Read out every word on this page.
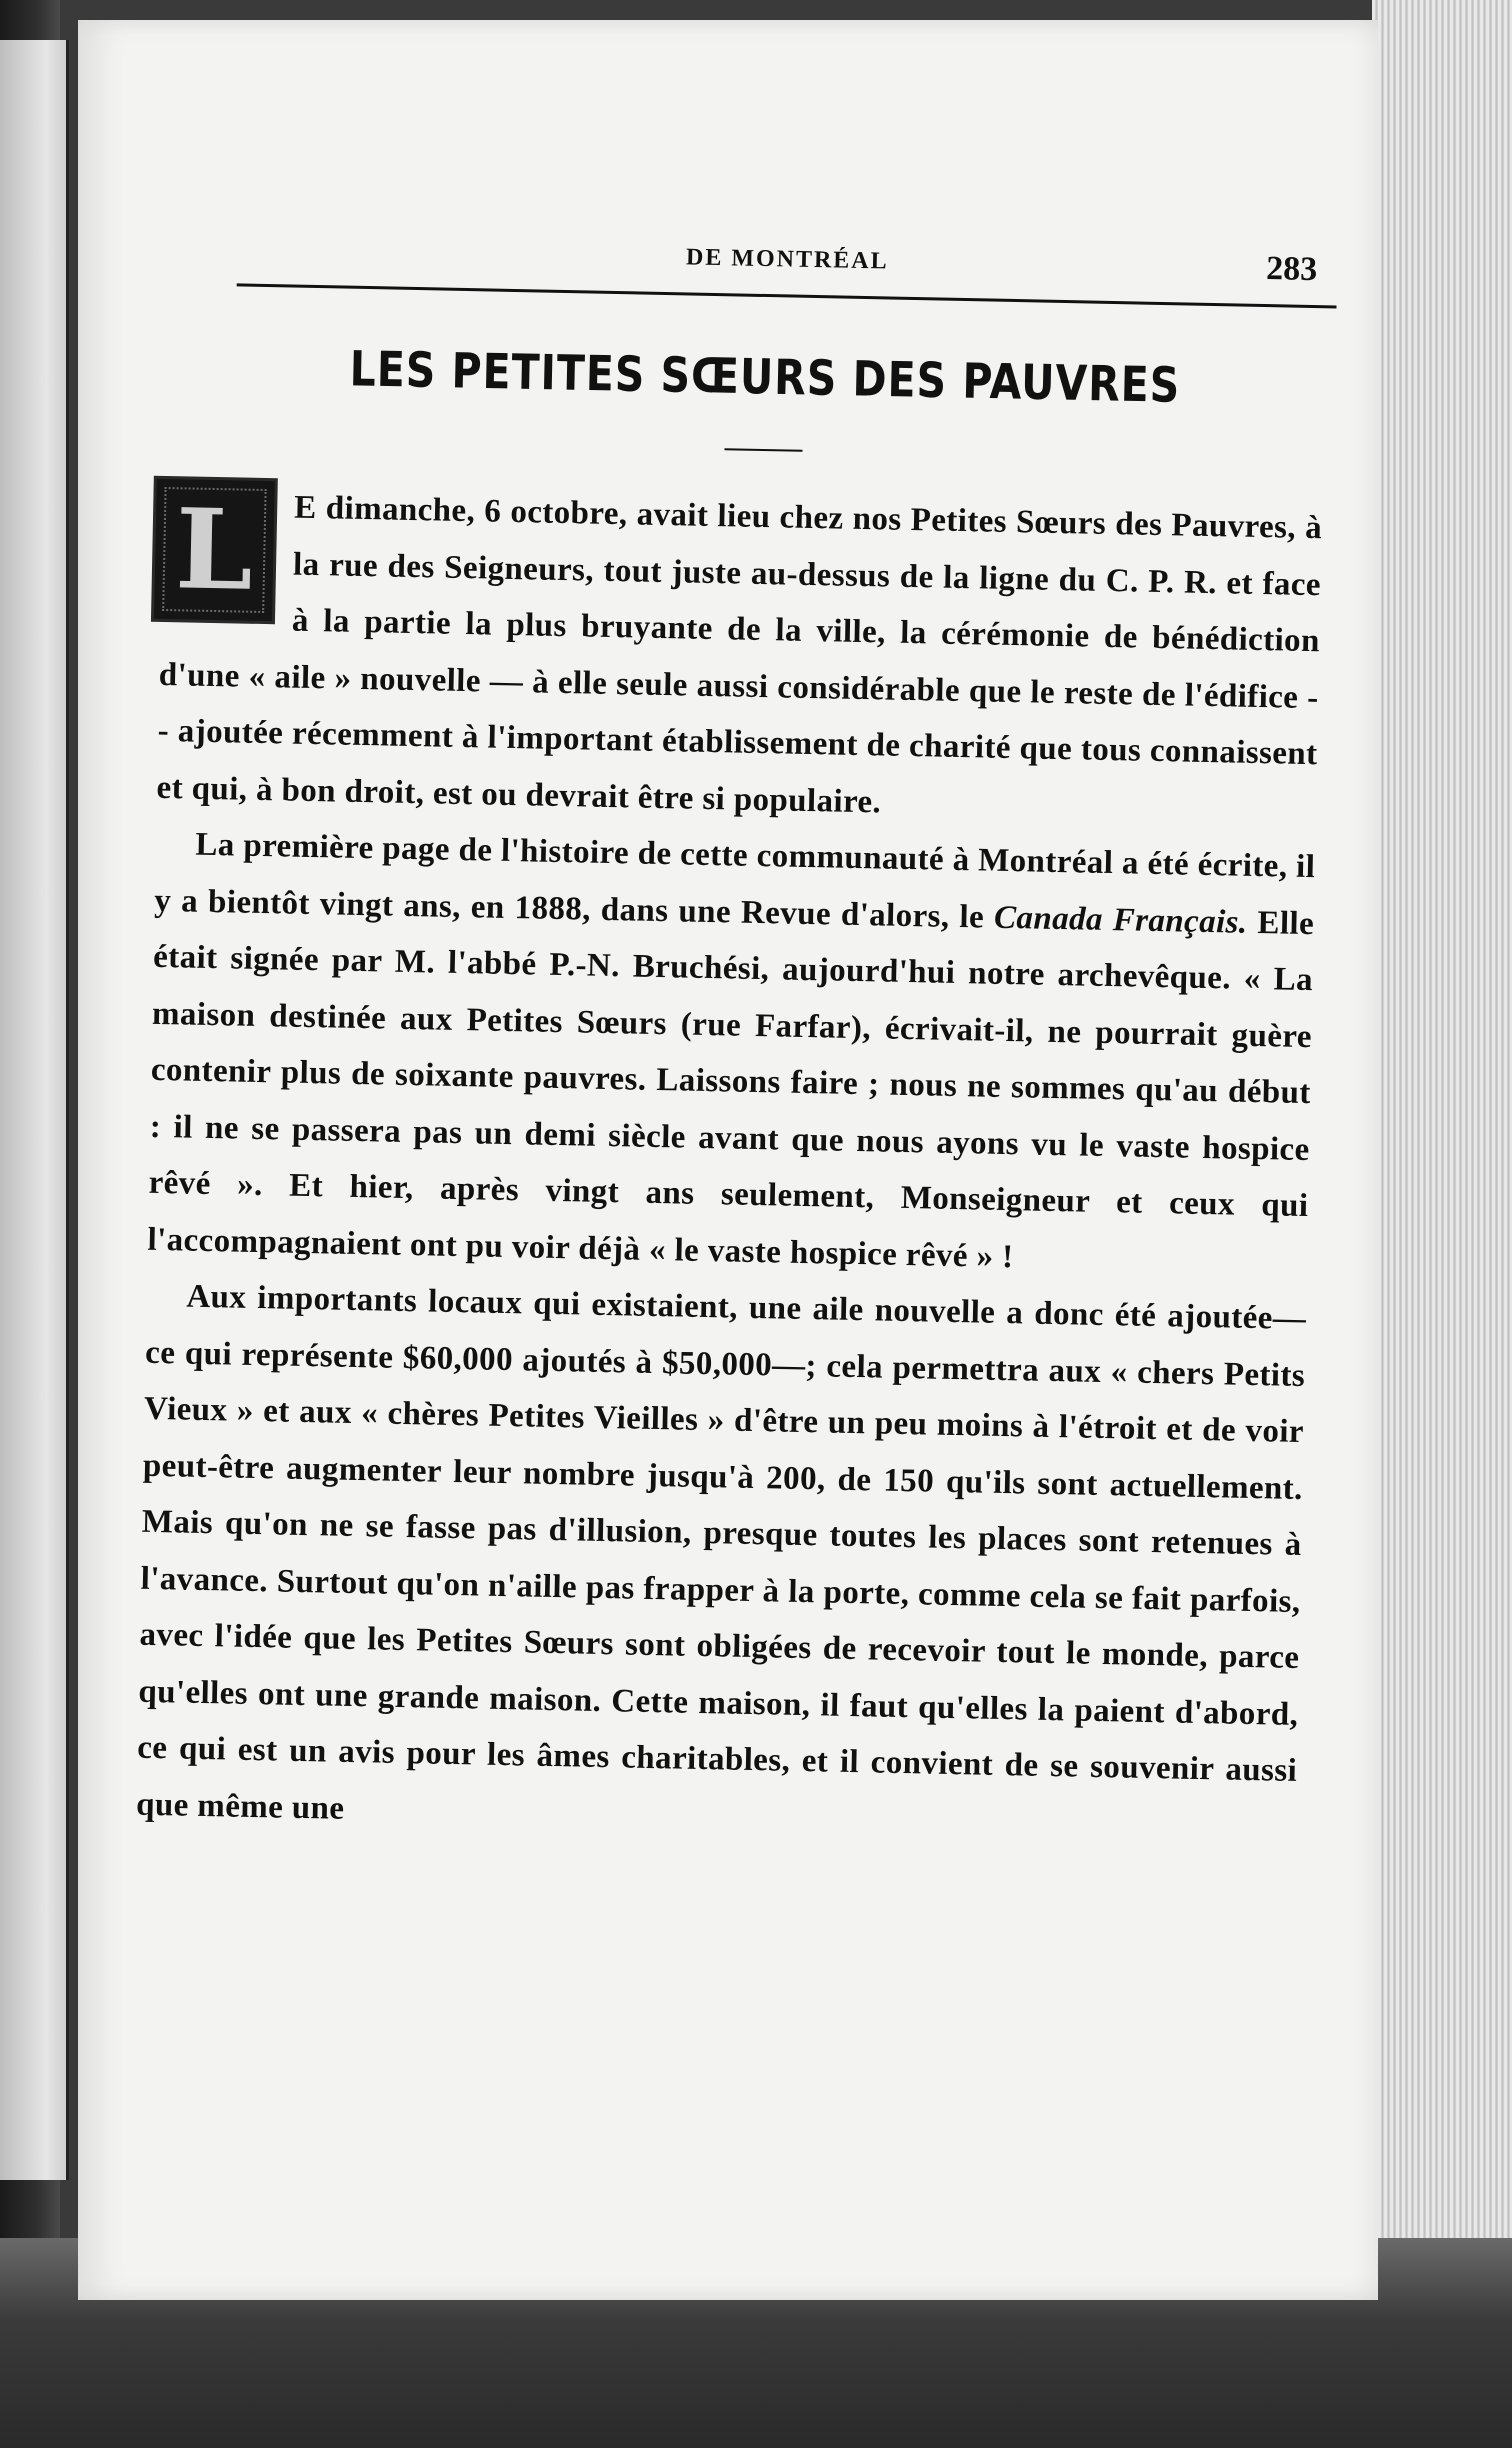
DE MONTRÉAL	283
LES PETITES SŒURS DES PAUVRES

L	E dimanche, 6 octobre, avait lieu chez nos Petites Sœurs des Pauvres, à la rue des Seigneurs, tout juste au-dessus de la ligne du C. P. R. et face à la partie la plus bruyante de la ville, la cérémonie de bénédiction d'une « aile » nouvelle — à elle seule aussi considérable que le reste de l'édifice -- ajoutée récemment à l'important établissement de charité que tous connaissent et qui, à bon droit, est ou devrait être si populaire.

La première page de l'histoire de cette communauté à Montréal a été écrite, il y a bientôt vingt ans, en 1888, dans une Revue d'alors, le Canada Français. Elle était signée par M. l'abbé P.-N. Bruchési, aujourd'hui notre archevêque. « La maison destinée aux Petites Sœurs (rue Farfar), écrivait-il, ne pourrait guère contenir plus de soixante pauvres. Laissons faire ; nous ne sommes qu'au début : il ne se passera pas un demi siècle avant que nous ayons vu le vaste hospice rêvé ». Et hier, après vingt ans seulement, Monseigneur et ceux qui l'accompagnaient ont pu voir déjà « le vaste hospice rêvé » !

Aux importants locaux qui existaient, une aile nouvelle a donc été ajoutée—ce qui représente $60,000 ajoutés à $50,000—; cela permettra aux « chers Petits Vieux » et aux « chères Petites Vieilles » d'être un peu moins à l'étroit et de voir peut-être augmenter leur nombre jusqu'à 200, de 150 qu'ils sont actuellement. Mais qu'on ne se fasse pas d'illusion, presque toutes les places sont retenues à l'avance. Surtout qu'on n'aille pas frapper à la porte, comme cela se fait parfois, avec l'idée que les Petites Sœurs sont obligées de recevoir tout le monde, parce qu'elles ont une grande maison. Cette maison, il faut qu'elles la paient d'abord, ce qui est un avis pour les âmes charitables, et il convient de se souvenir aussi que même une
